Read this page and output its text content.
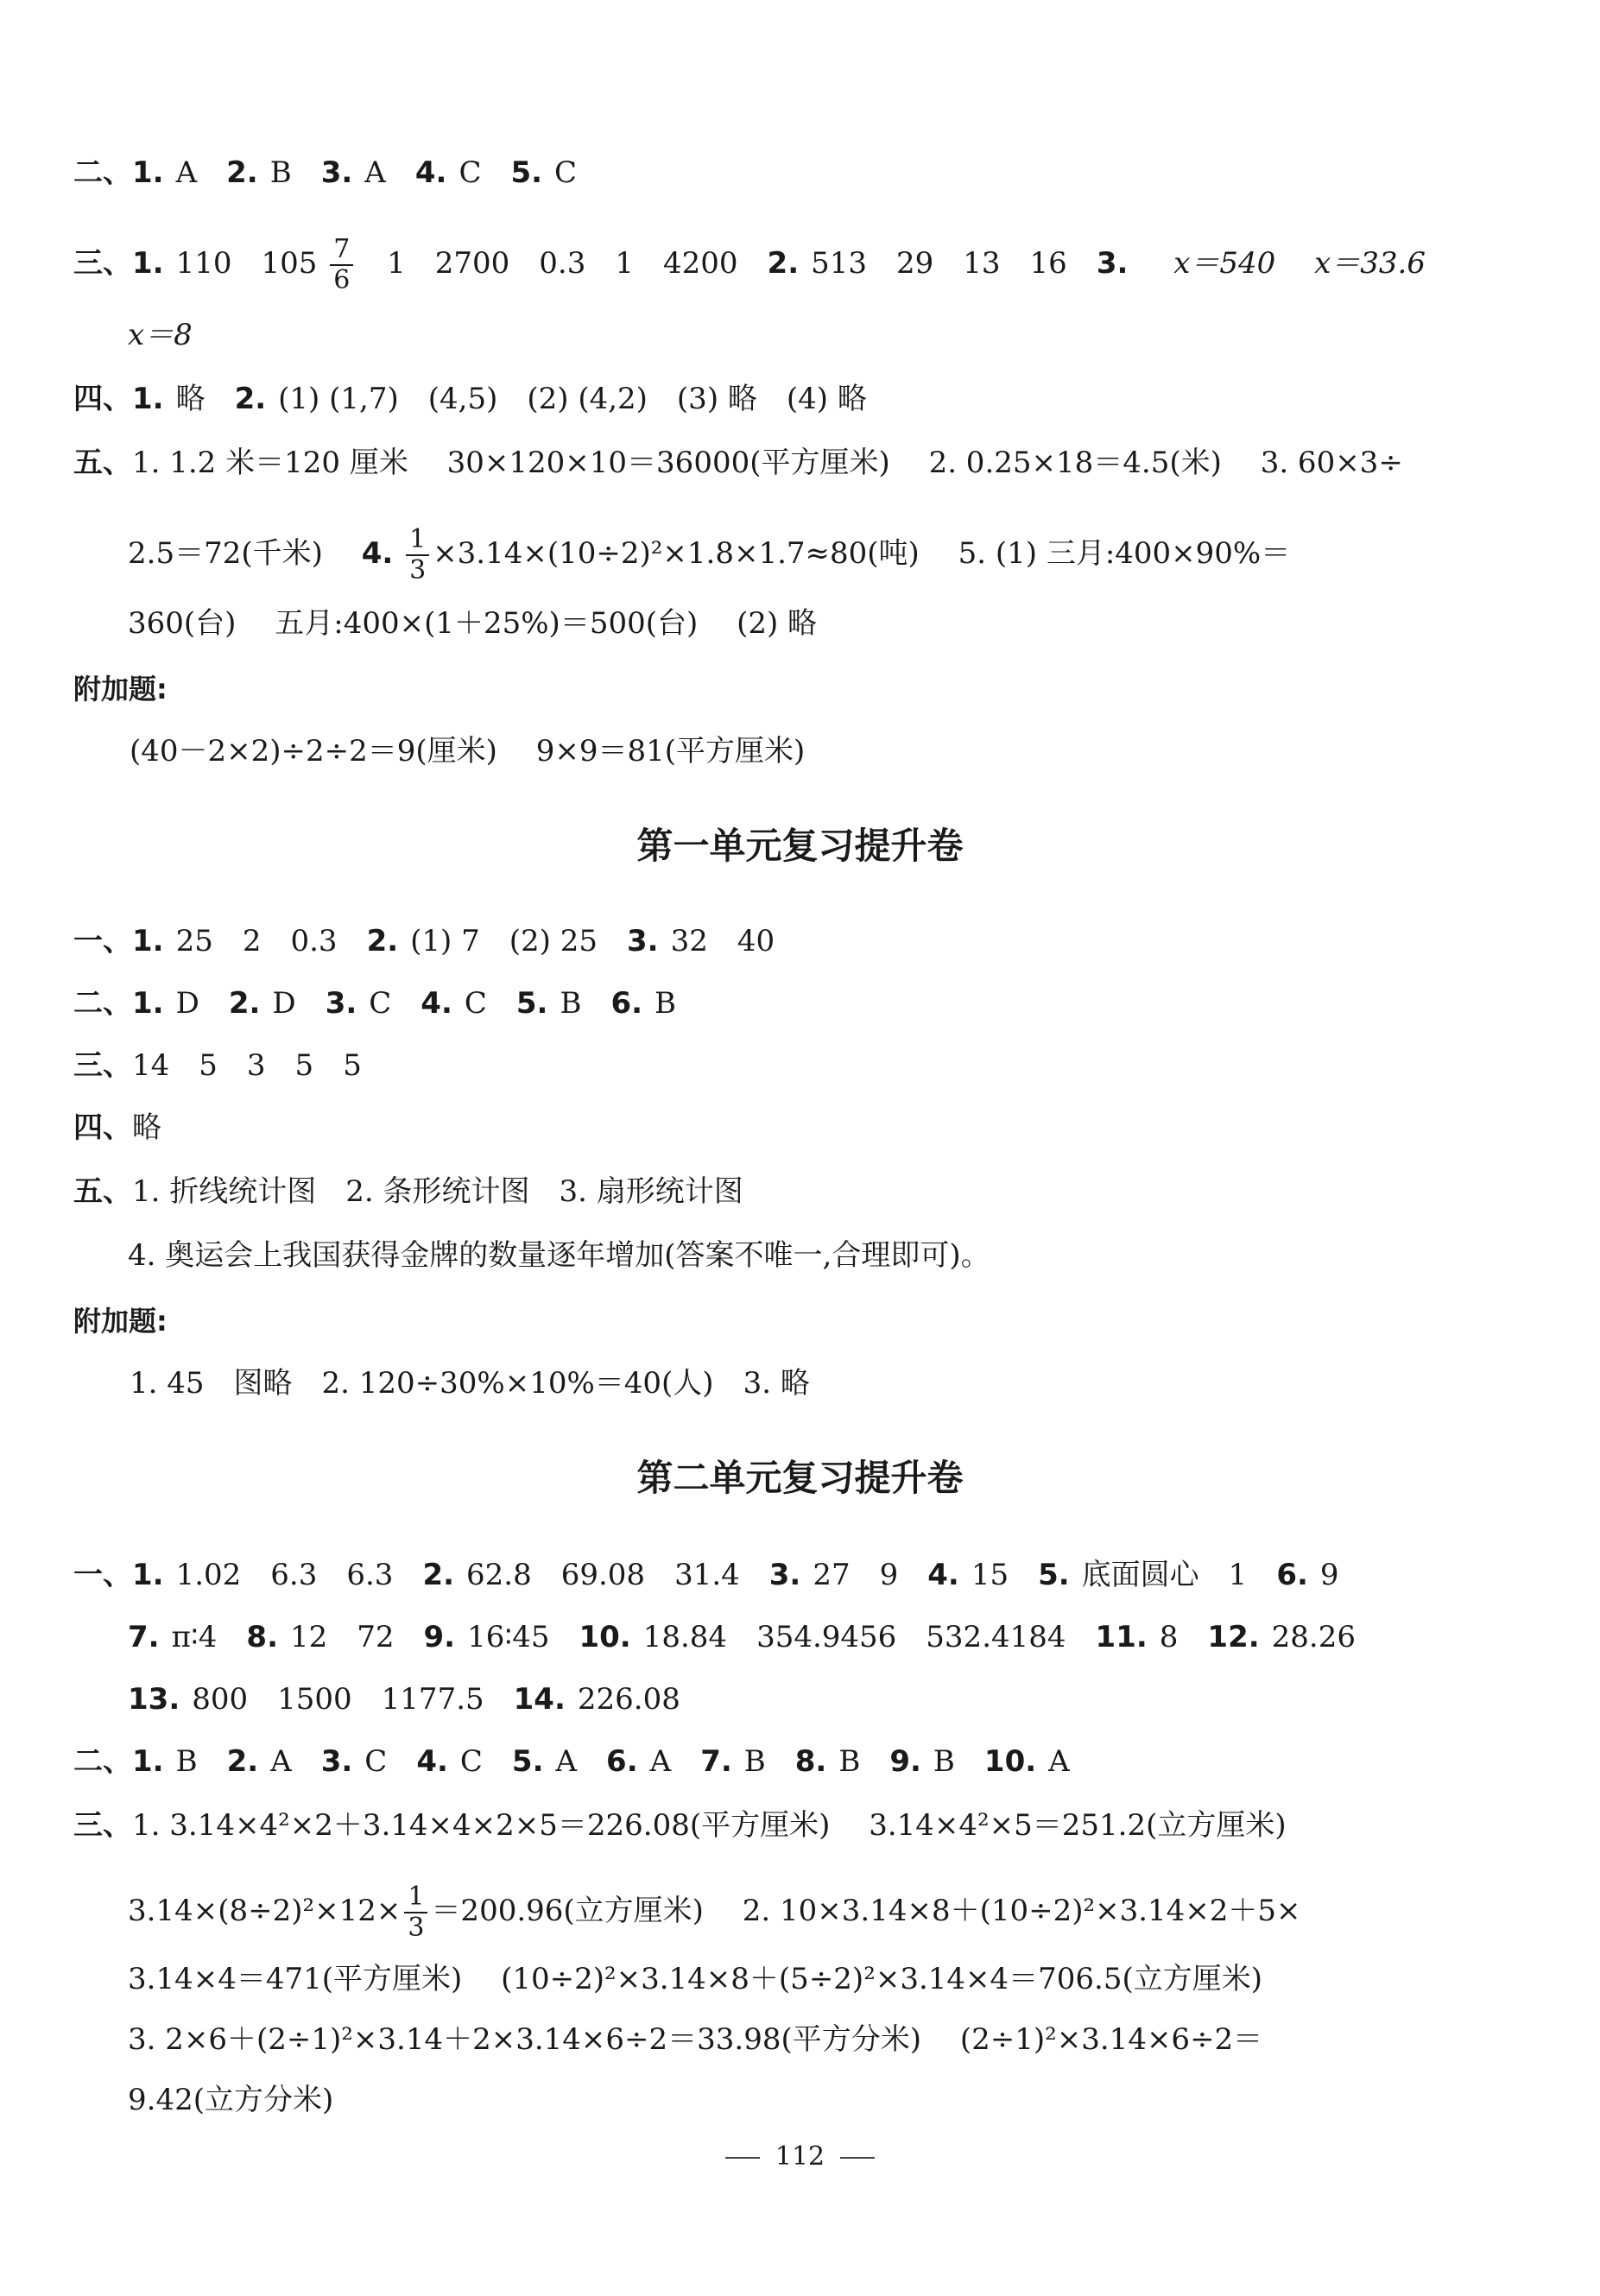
二、1. A 2. B 3. A 4. C 5. C
三、1. 110 $105 \frac{7}{6} 1$ 2700 0.3 1 4200 2. 513 29 13 16 3. x＝540 x＝33.6
x＝8
四、1. 略 2. (1) (1,7) (4,5) (2) (4,2) (3) 略 (4) 略
五、1. 1.2 米＝120 厘米 30×120×10＝36000(平方厘米) 2. 0.25×18＝4.5(米) 3. 60×3÷
2.5＝72(千米) 4. $\frac{1}{3} \times 3.14\times(10\div 2)^2\times 1.8\times 1.7\approx 80$(吨) 5. (1) 三月:400×90%＝
360(台) 五月:400×(1＋25%)＝500(台) (2) 略
附加题:
(40－2×2)÷2÷2＝9(厘米) 9×9＝81(平方厘米)
第一单元复习提升卷
一、1. 25 2 0.3 2. (1) 7 (2) 25 3. 32 40
二、1. D 2. D 3. C 4. C 5. B 6. B
三、14 5 3 5 5
四、略
五、1. 折线统计图 2. 条形统计图 3. 扇形统计图
4. 奥运会上我国获得金牌的数量逐年增加(答案不唯一,合理即可)。
附加题:
1. 45 图略 2. 120÷30%×10%＝40(人) 3. 略
第二单元复习提升卷
一、1. 1.02 6.3 6.3 2. 62.8 69.08 31.4 3. 27 9 4. 15 5. 底面圆心 1 6. 9
7. π∶4 8. 12 72 9. 16∶45 10. 18.84 354.9456 532.4184 11. 8 12. 28.26
13. 800 1500 1177.5 14. 226.08
二、1. B 2. A 3. C 4. C 5. A 6. A 7. B 8. B 9. B 10. A
三、1. 3.14×4²×2＋3.14×4×2×5＝226.08(平方厘米) 3.14×4²×5＝251.2(立方厘米)
$3.14\times(8\div 2)^2\times 12\times \frac{1}{3} =200.96$(立方厘米) 2. 10×3.14×8＋(10÷2)²×3.14×2＋5×
3.14×4＝471(平方厘米) (10÷2)²×3.14×8＋(5÷2)²×3.14×4＝706.5(立方厘米)
3. 2×6＋(2÷1)²×3.14＋2×3.14×6÷2＝33.98(平方分米) (2÷1)²×3.14×6÷2＝
9.42(立方分米)
112
